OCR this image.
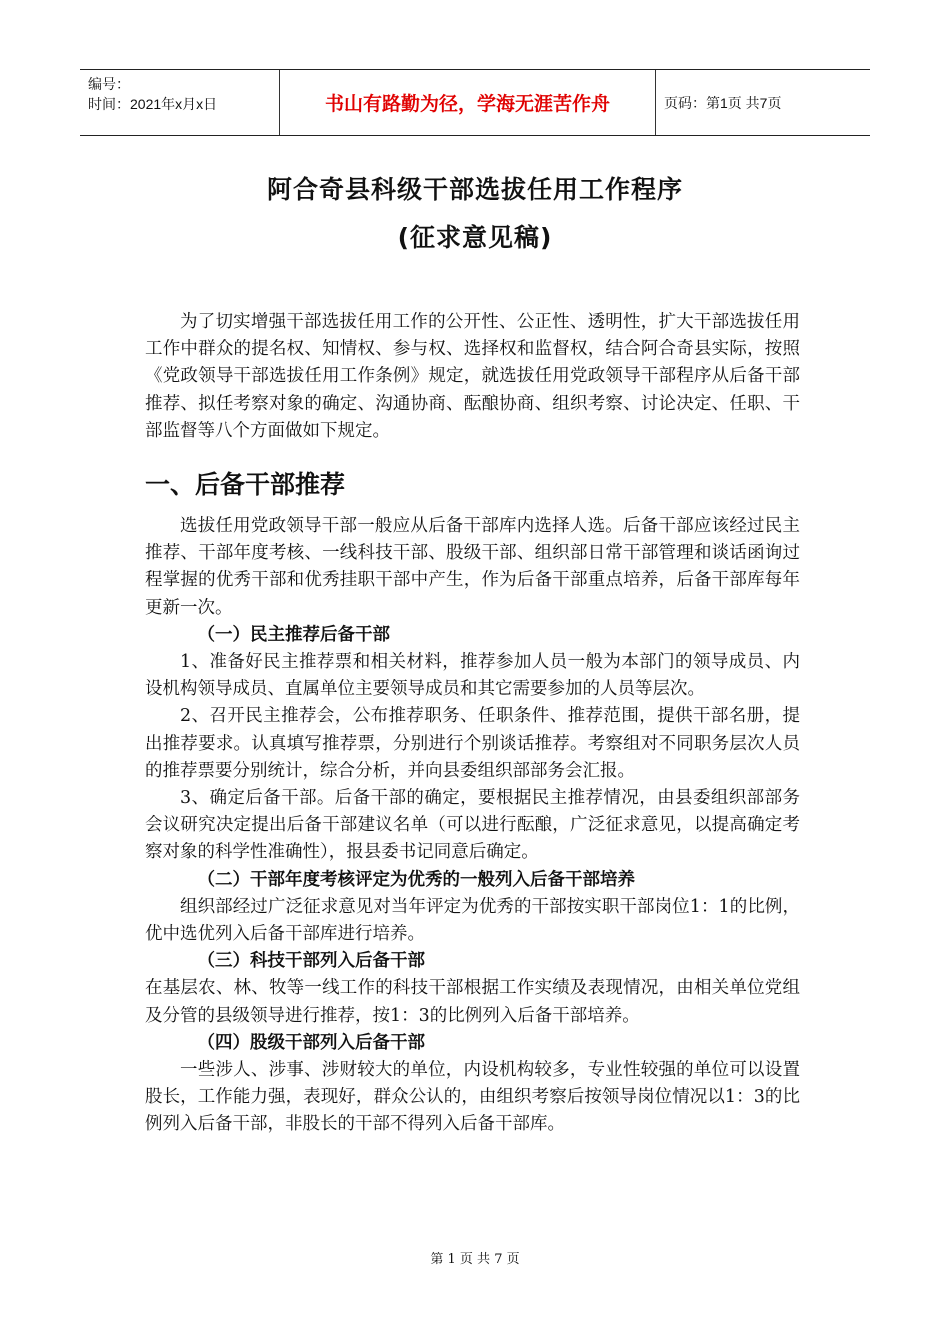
编号：
时间：2021年x月x日	书山有路勤为径，学海无涯苦作舟	页码：第1页 共7页
阿合奇县科级干部选拔任用工作程序
(征求意见稿)

为了切实增强干部选拔任用工作的公开性、公正性、透明性，扩大干部选拔任用工作中群众的提名权、知情权、参与权、选择权和监督权，结合阿合奇县实际，按照《党政领导干部选拔任用工作条例》规定，就选拔任用党政领导干部程序从后备干部推荐、拟任考察对象的确定、沟通协商、酝酿协商、组织考察、讨论决定、任职、干部监督等八个方面做如下规定。

一、后备干部推荐

选拔任用党政领导干部一般应从后备干部库内选择人选。后备干部应该经过民主推荐、干部年度考核、一线科技干部、股级干部、组织部日常干部管理和谈话函询过程掌握的优秀干部和优秀挂职干部中产生，作为后备干部重点培养，后备干部库每年更新一次。

（一）民主推荐后备干部

1、准备好民主推荐票和相关材料，推荐参加人员一般为本部门的领导成员、内设机构领导成员、直属单位主要领导成员和其它需要参加的人员等层次。

2、召开民主推荐会，公布推荐职务、任职条件、推荐范围，提供干部名册，提出推荐要求。认真填写推荐票，分别进行个别谈话推荐。考察组对不同职务层次人员的推荐票要分别统计，综合分析，并向县委组织部部务会汇报。

3、确定后备干部。后备干部的确定，要根据民主推荐情况，由县委组织部部务会议研究决定提出后备干部建议名单（可以进行酝酿，广泛征求意见，以提高确定考察对象的科学性准确性），报县委书记同意后确定。

（二）干部年度考核评定为优秀的一般列入后备干部培养

组织部经过广泛征求意见对当年评定为优秀的干部按实职干部岗位1：1的比例，优中选优列入后备干部库进行培养。

（三）科技干部列入后备干部

在基层农、林、牧等一线工作的科技干部根据工作实绩及表现情况，由相关单位党组及分管的县级领导进行推荐，按1：3的比例列入后备干部培养。

（四）股级干部列入后备干部

一些涉人、涉事、涉财较大的单位，内设机构较多，专业性较强的单位可以设置股长，工作能力强，表现好，群众公认的，由组织考察后按领导岗位情况以1：3的比例列入后备干部，非股长的干部不得列入后备干部库。

第 1 页 共 7 页
